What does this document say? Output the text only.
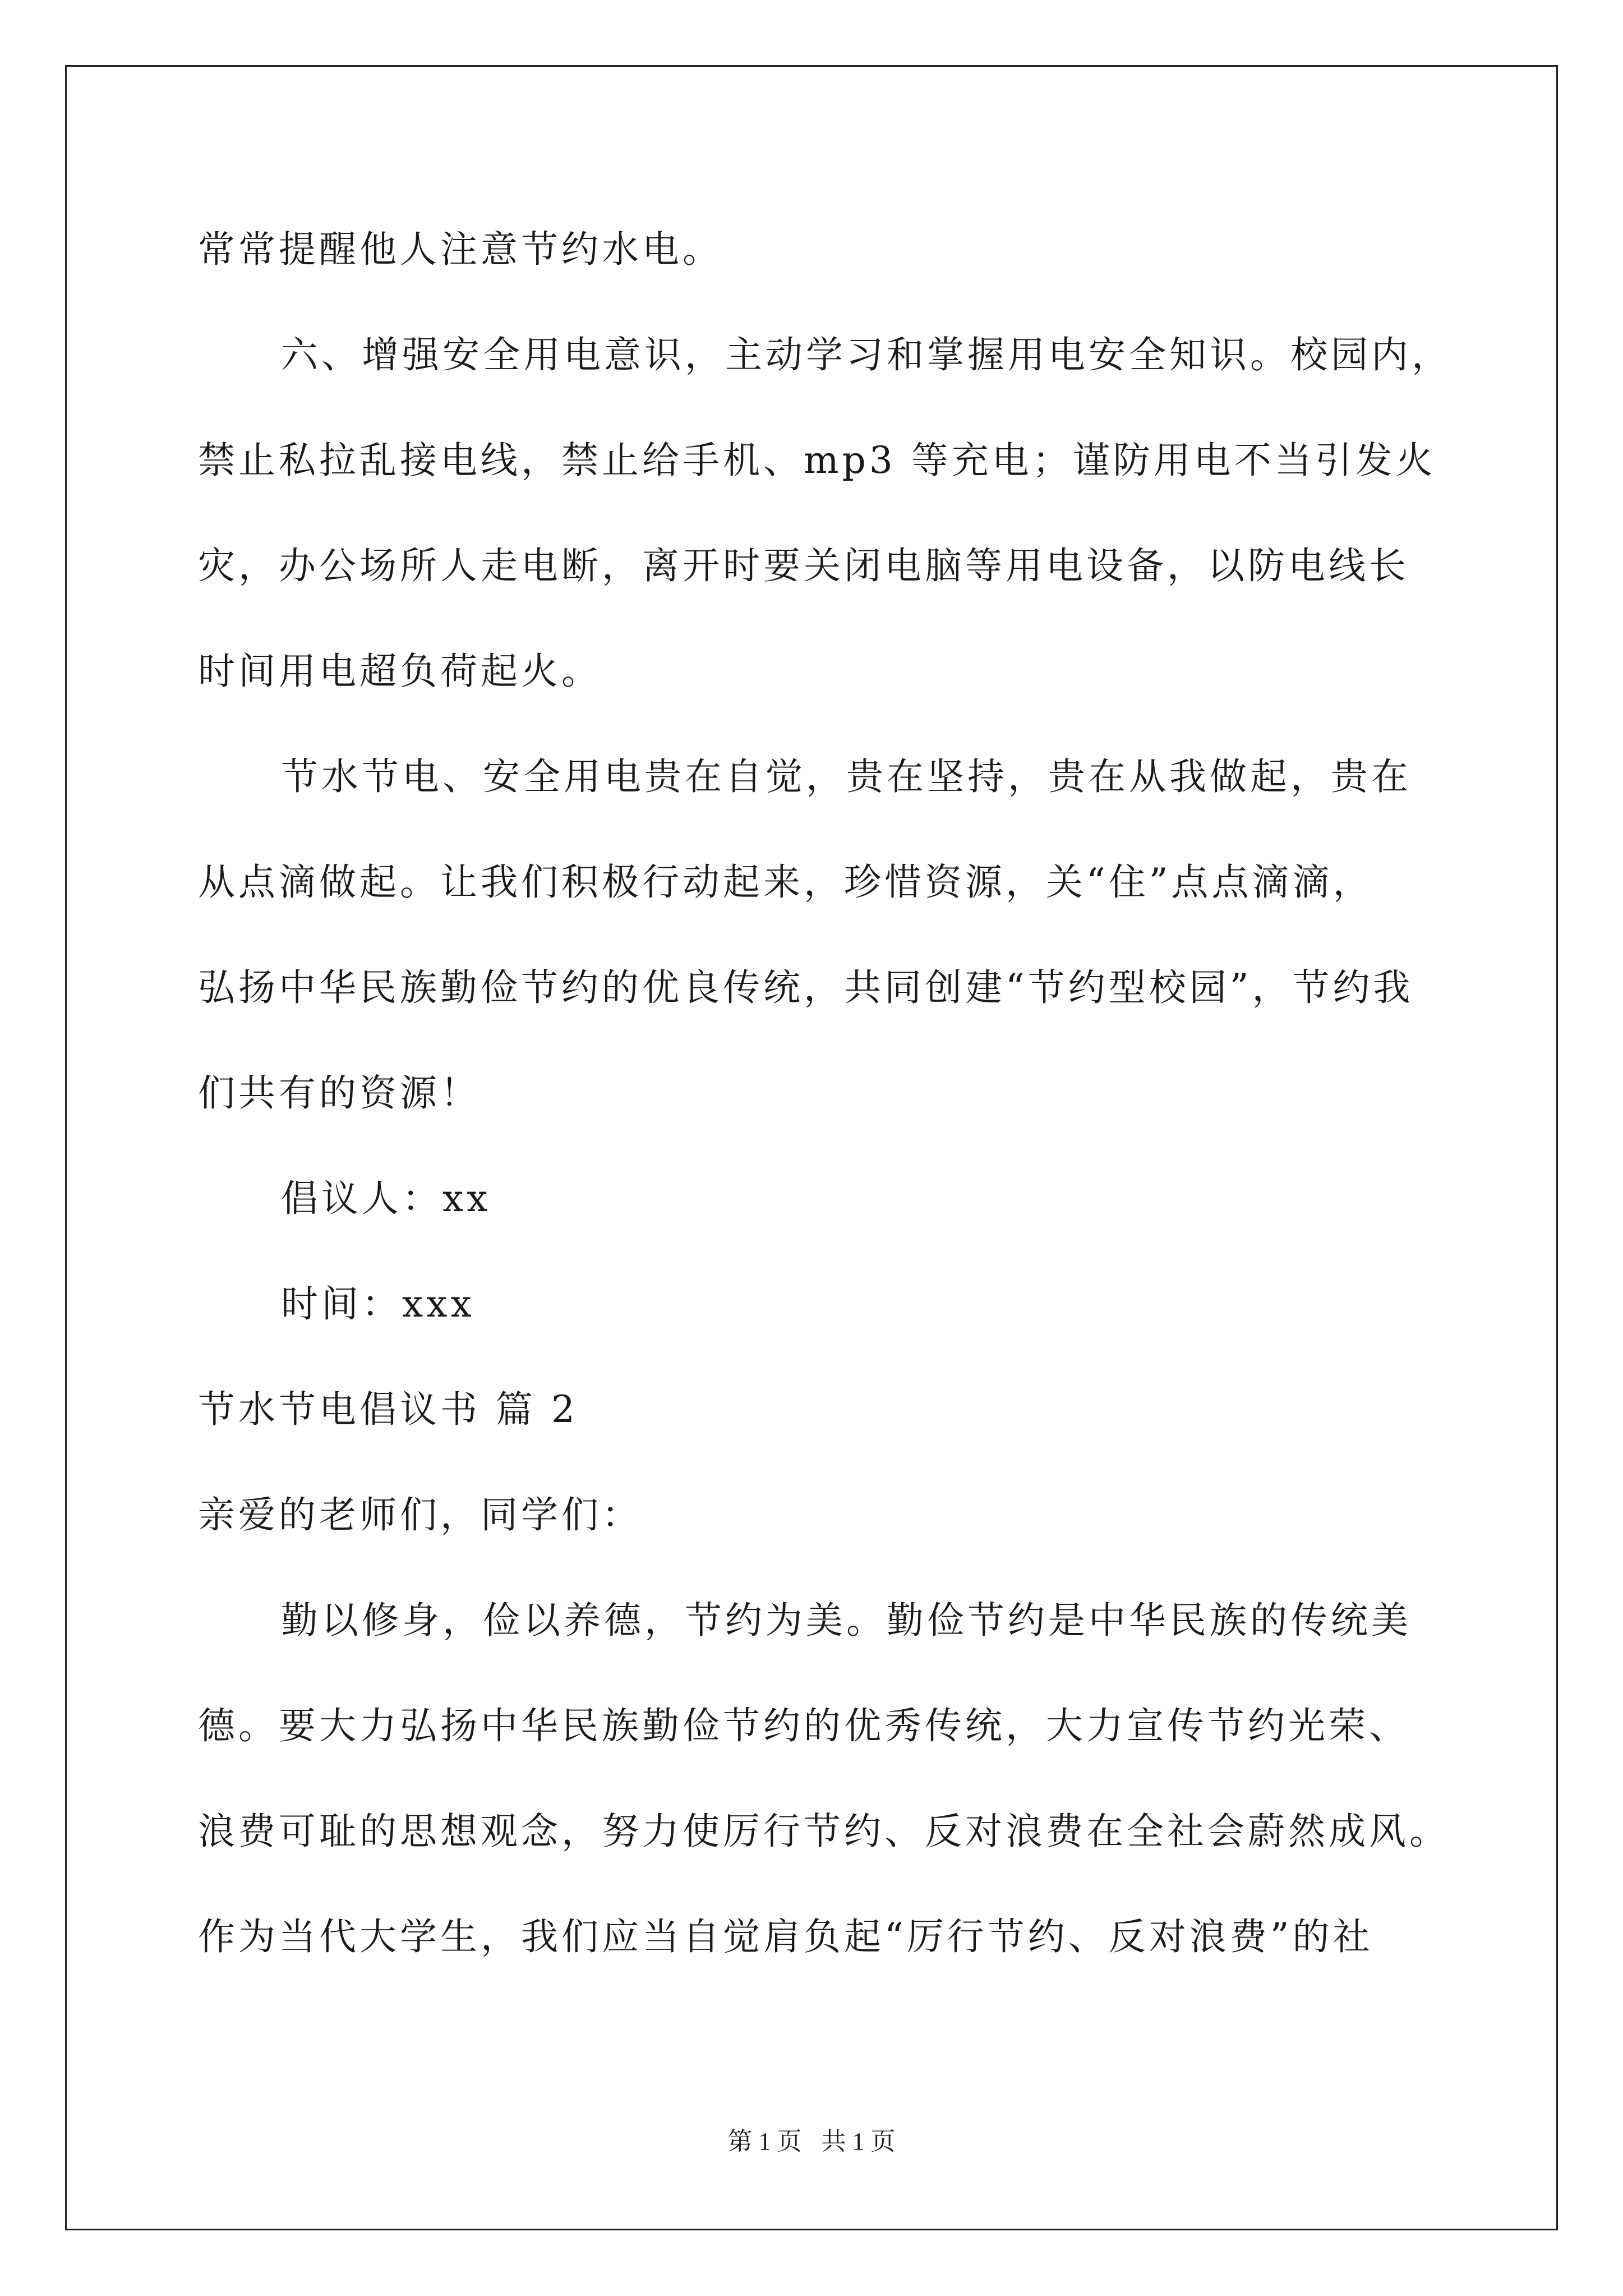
常常提醒他人注意节约水电。
六、增强安全用电意识，主动学习和掌握用电安全知识。校园内，
禁止私拉乱接电线，禁止给手机、mp3 等充电；谨防用电不当引发火
灾，办公场所人走电断，离开时要关闭电脑等用电设备，以防电线长
时间用电超负荷起火。
节水节电、安全用电贵在自觉，贵在坚持，贵在从我做起，贵在
从点滴做起。让我们积极行动起来，珍惜资源，关“住”点点滴滴，
弘扬中华民族勤俭节约的优良传统，共同创建“节约型校园”，节约我
们共有的资源！
倡议人：xx
时间：xxx
节水节电倡议书 篇 2
亲爱的老师们，同学们：
勤以修身，俭以养德，节约为美。勤俭节约是中华民族的传统美
德。要大力弘扬中华民族勤俭节约的优秀传统，大力宣传节约光荣、
浪费可耻的思想观念，努力使厉行节约、反对浪费在全社会蔚然成风。
作为当代大学生，我们应当自觉肩负起“厉行节约、反对浪费”的社
第 1 页 共 1 页
